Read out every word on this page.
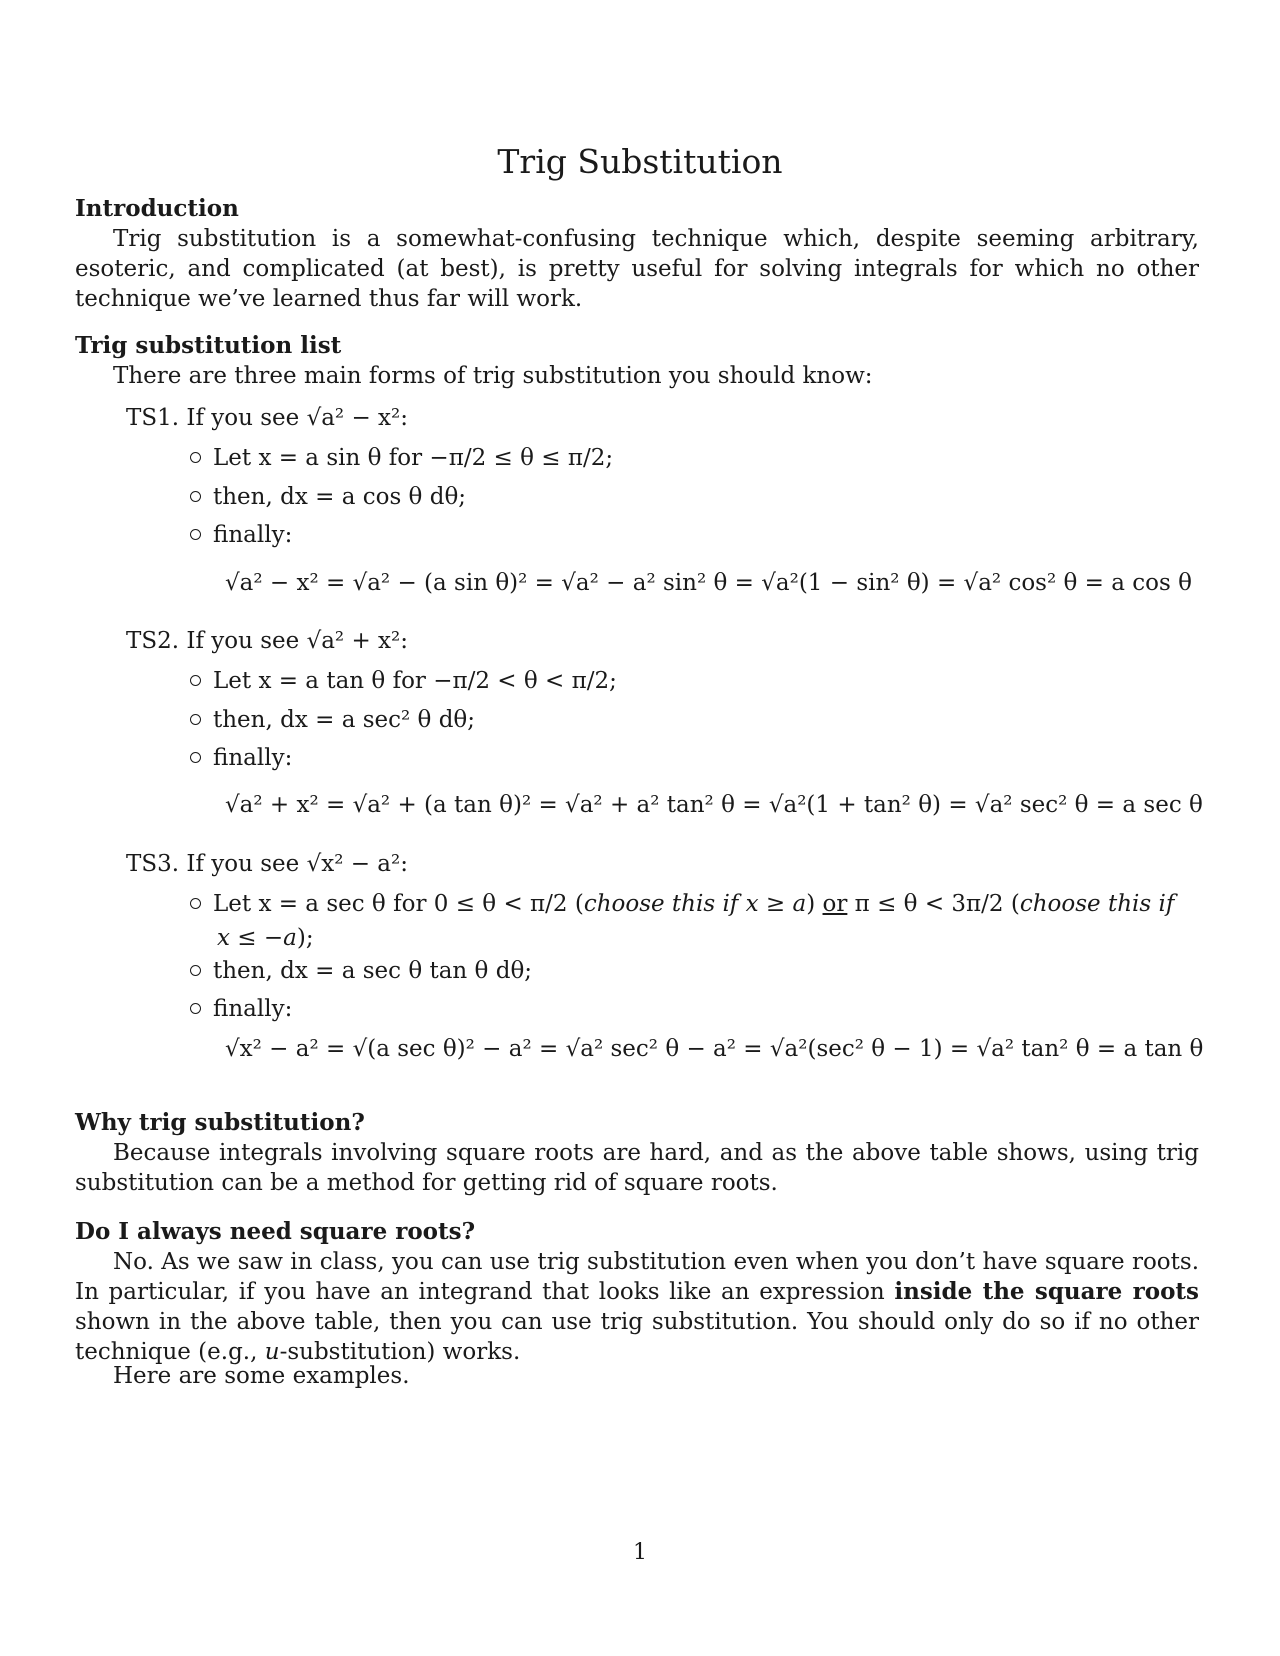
Trig Substitution
Introduction

Trig substitution is a somewhat-confusing technique which, despite seeming arbitrary, esoteric, and complicated (at best), is pretty useful for solving integrals for which no other technique we’ve learned thus far will work.

Trig substitution list

There are three main forms of trig substitution you should know:

TS1. If you see √a² − x²:

Let x = a sin θ for −π/2 ≤ θ ≤ π/2;

then, dx = a cos θ dθ;

finally:

√a² − x² = √a² − (a sin θ)² = √a² − a² sin² θ = √a²(1 − sin² θ) = √a² cos² θ = a cos θ

TS2. If you see √a² + x²:

Let x = a tan θ for −π/2 < θ < π/2;

then, dx = a sec² θ dθ;

finally:

√a² + x² = √a² + (a tan θ)² = √a² + a² tan² θ = √a²(1 + tan² θ) = √a² sec² θ = a sec θ

TS3. If you see √x² − a²:

Let x = a sec θ for 0 ≤ θ < π/2 (choose this if x ≥ a) or π ≤ θ < 3π/2 (choose this if
x ≤ −a);

then, dx = a sec θ tan θ dθ;

finally:

√x² − a² = √(a sec θ)² − a² = √a² sec² θ − a² = √a²(sec² θ − 1) = √a² tan² θ = a tan θ

Why trig substitution?

Because integrals involving square roots are hard, and as the above table shows, using trig substitution can be a method for getting rid of square roots.

Do I always need square roots?

No. As we saw in class, you can use trig substitution even when you don’t have square roots. In particular, if you have an integrand that looks like an expression inside the square roots shown in the above table, then you can use trig substitution. You should only do so if no other technique (e.g., u-substitution) works.

Here are some examples.

1
